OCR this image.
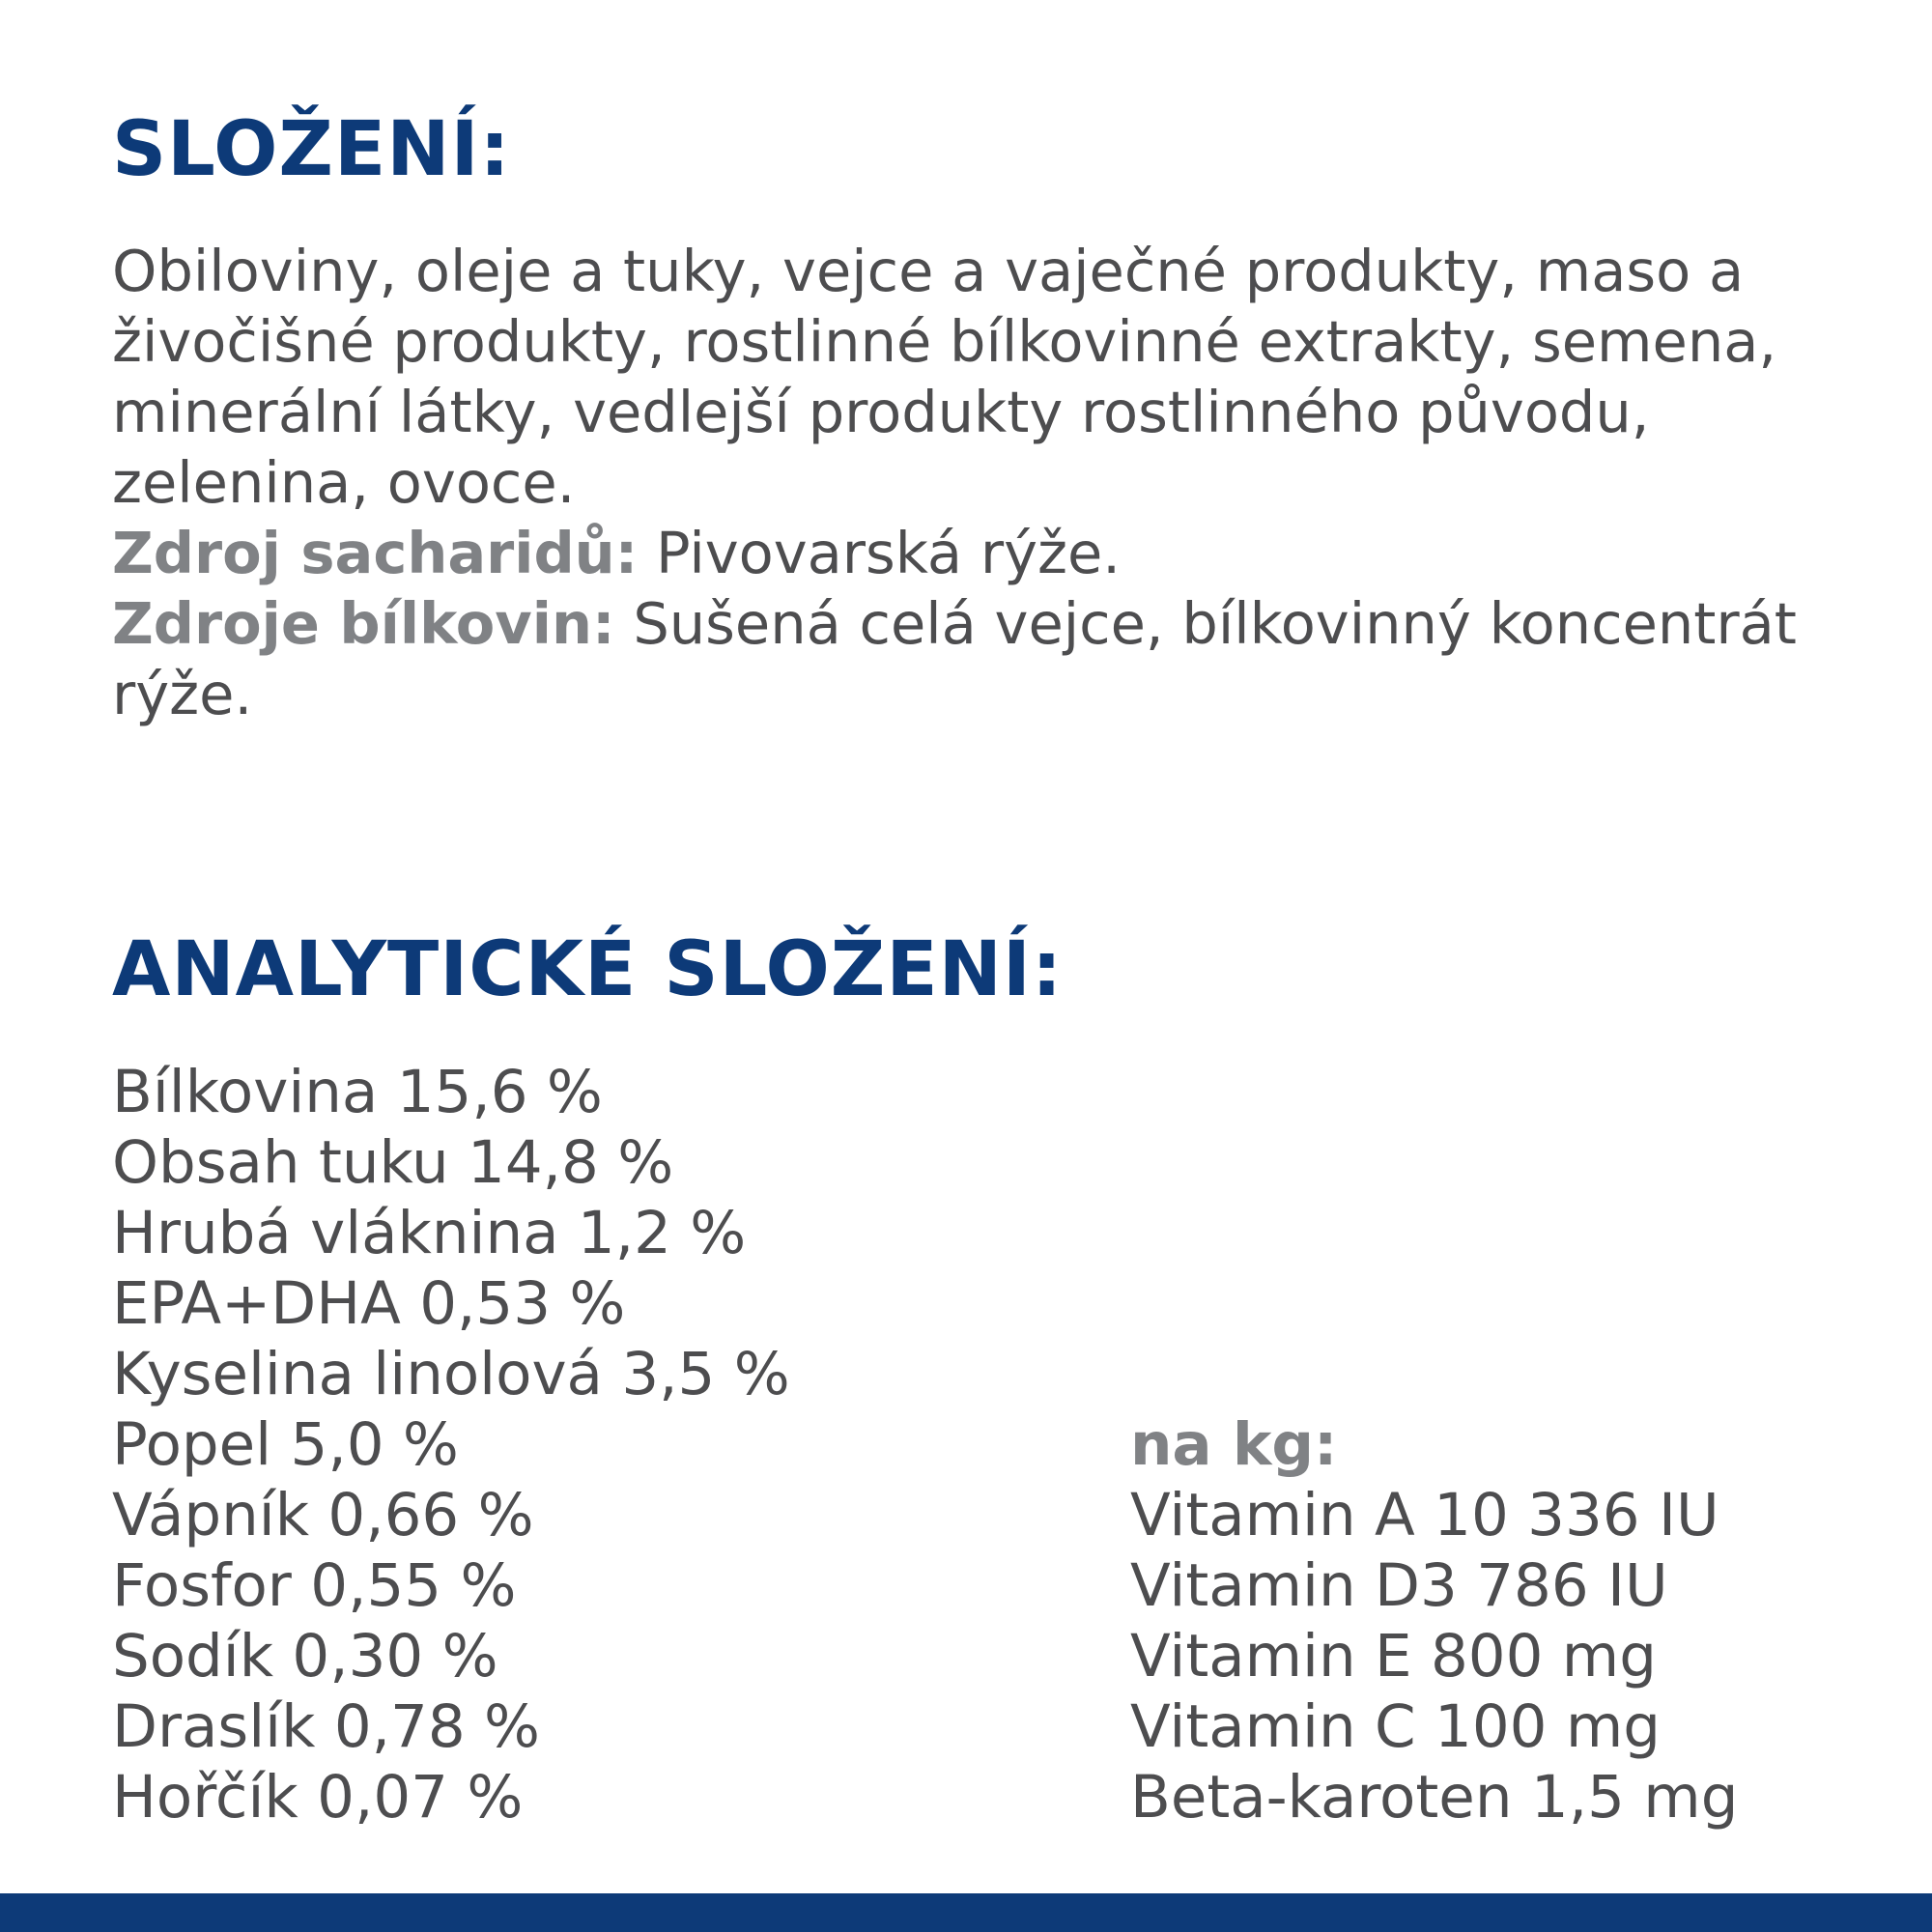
SLOŽENÍ:

Obiloviny, oleje a tuky, vejce a vaječné produkty, maso a živočišné produkty, rostlinné bílkovinné extrakty, semena, minerální látky, vedlejší produkty rostlinného původu, zelenina, ovoce.

Zdroj sacharidů: Pivovarská rýže.

Zdroje bílkovin: Sušená celá vejce, bílkovinný koncentrát rýže.

ANALYTICKÉ SLOŽENÍ:
Bílkovina 15,6 %
Obsah tuku 14,8 %
Hrubá vláknina 1,2 %
EPA+DHA 0,53 %
Kyselina linolová 3,5 %
Popel 5,0 %
Vápník 0,66 %
Fosfor 0,55 %
Sodík 0,30 %
Draslík 0,78 %
Hořčík 0,07 %

na kg:

Vitamin A 10 336 IU
Vitamin D3 786 IU
Vitamin E 800 mg
Vitamin C 100 mg
Beta-karoten 1,5 mg
